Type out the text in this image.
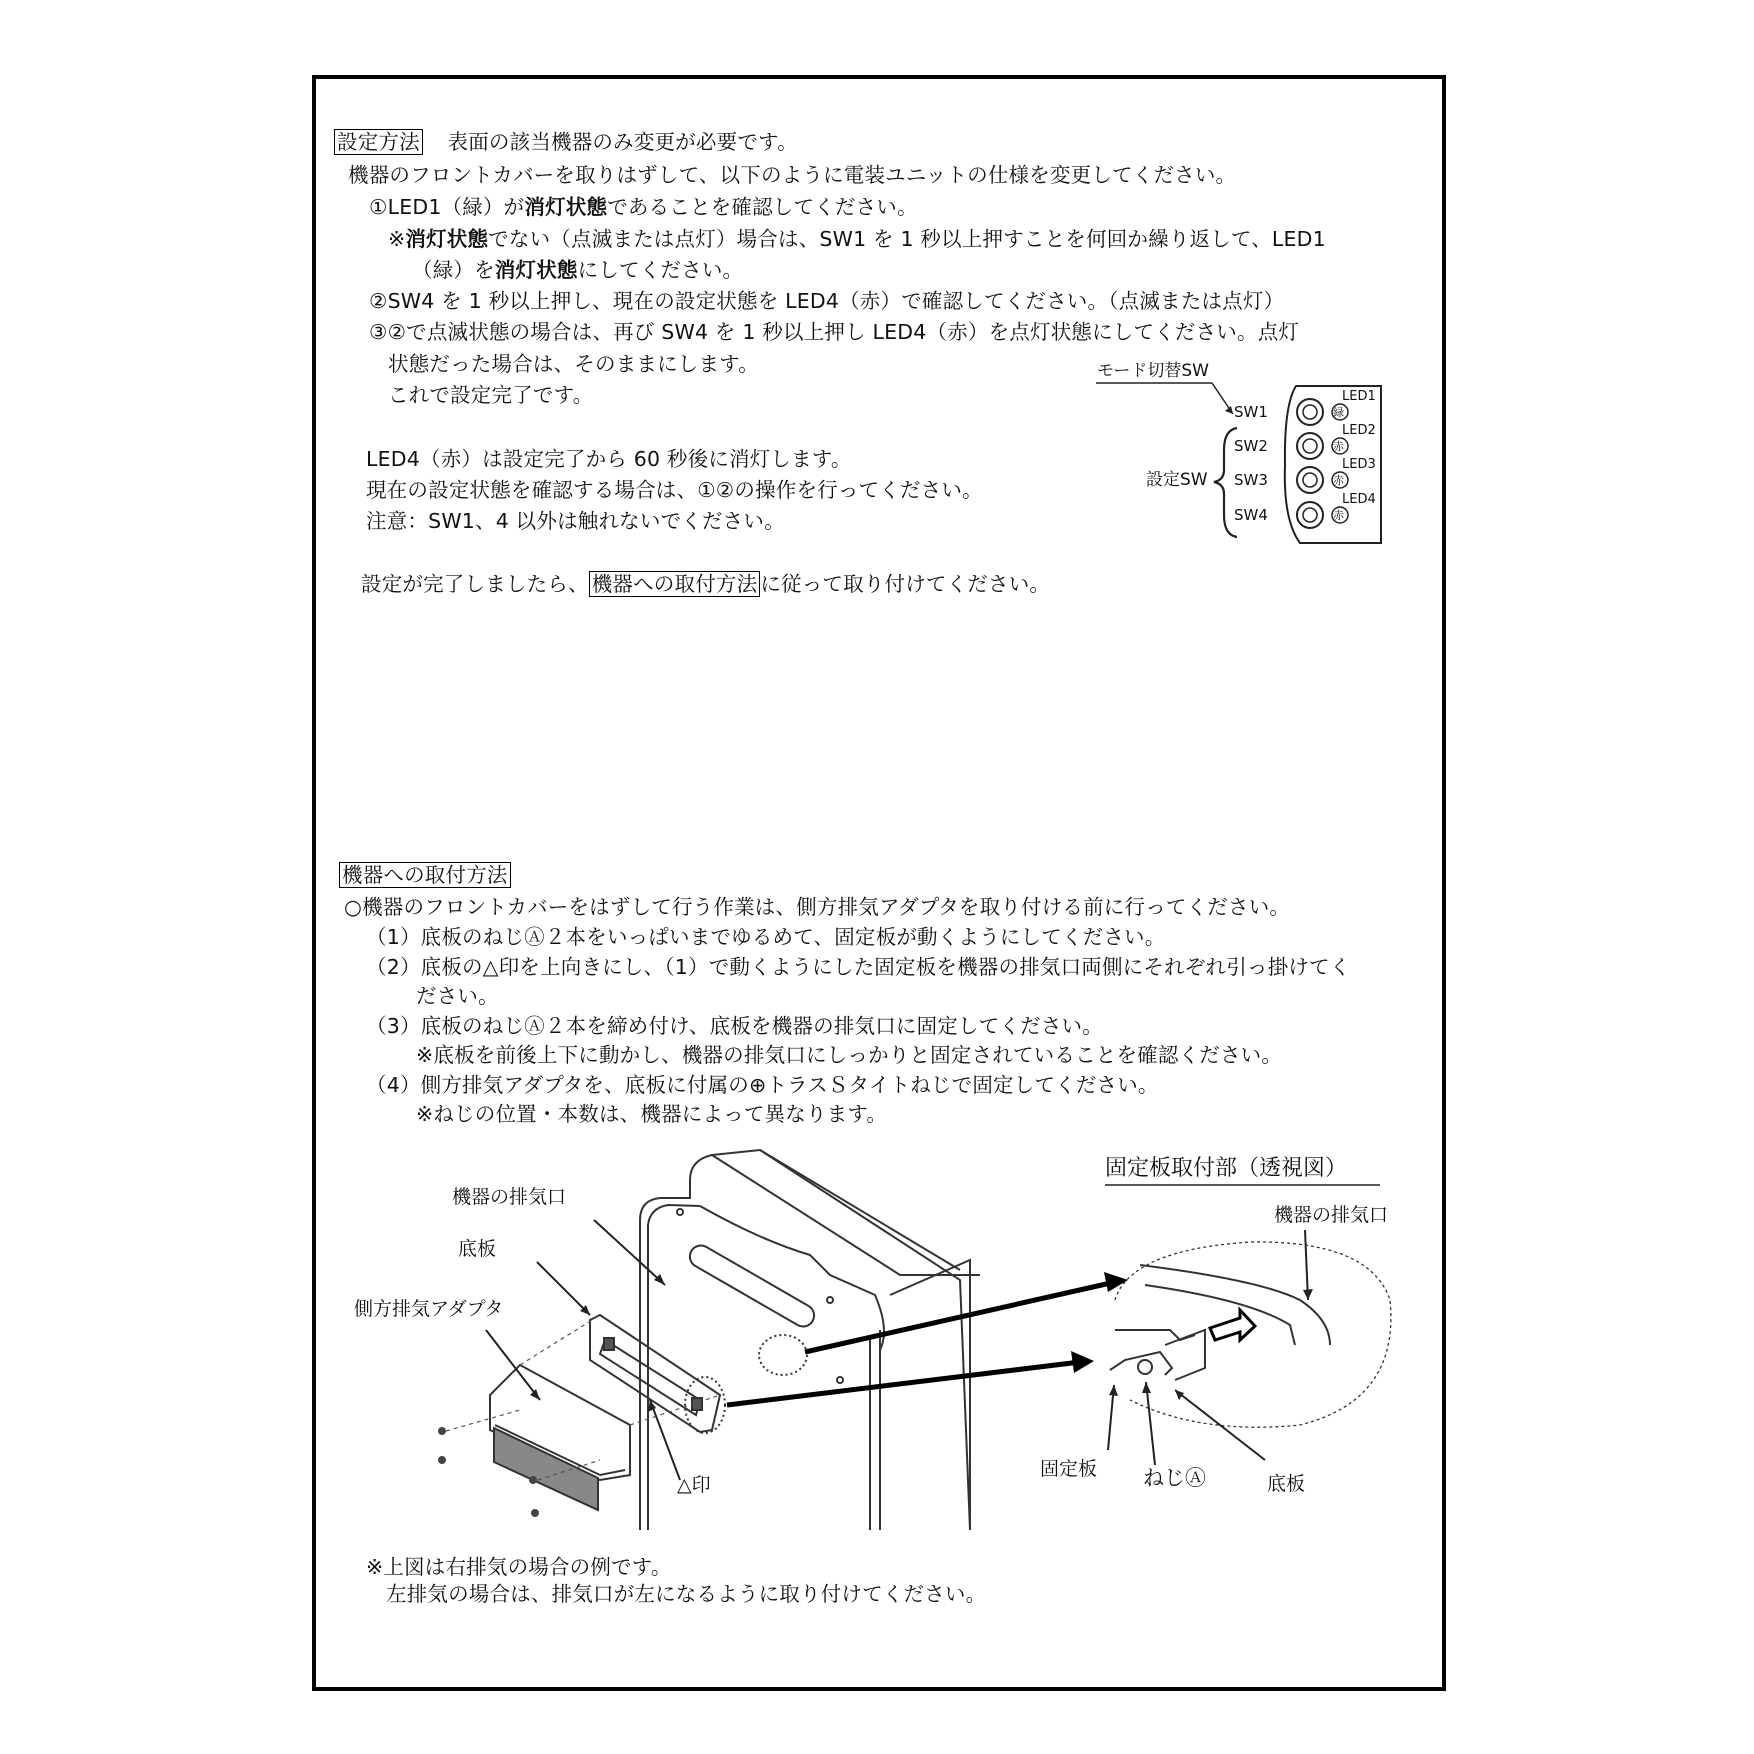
設定方法 表面の該当機器のみ変更が必要です。
機器のフロントカバーを取りはずして、以下のように電装ユニットの仕様を変更してください。
①LED1（緑）が消灯状態であることを確認してください。
※消灯状態でない（点滅または点灯）場合は、SW1 を 1 秒以上押すことを何回か繰り返して、LED1
（緑）を消灯状態にしてください。
②SW4 を 1 秒以上押し、現在の設定状態を LED4（赤）で確認してください。（点滅または点灯）
③②で点滅状態の場合は、再び SW4 を 1 秒以上押し LED4（赤）を点灯状態にしてください。点灯
状態だった場合は、そのままにします。
これで設定完了です。
LED4（赤）は設定完了から 60 秒後に消灯します。
現在の設定状態を確認する場合は、①②の操作を行ってください。
注意：SW1、4 以外は触れないでください。
設定が完了しましたら、 機器への取付方法 に従って取り付けてください。
モード切替SW
設定SW
SW1
SW2
SW3
SW4
LED1
LED2
LED3
LED4
緑
赤
赤
赤
機器への取付方法
○機器のフロントカバーをはずして行う作業は、側方排気アダプタを取り付ける前に行ってください。
（1）底板のねじⒶ２本をいっぱいまでゆるめて、固定板が動くようにしてください。
（2）底板の△印を上向きにし、（1）で動くようにした固定板を機器の排気口両側にそれぞれ引っ掛けてく
ださい。
（3）底板のねじⒶ２本を締め付け、底板を機器の排気口に固定してください。
※底板を前後上下に動かし、機器の排気口にしっかりと固定されていることを確認ください。
（4）側方排気アダプタを、底板に付属の⊕トラスＳタイトねじで固定してください。
※ねじの位置・本数は、機器によって異なります。
機器の排気口
底板
側方排気アダプタ
△印
固定板取付部（透視図）
機器の排気口
固定板 ねじⒶ	底板
※上図は右排気の場合の例です。
左排気の場合は、排気口が左になるように取り付けてください。
